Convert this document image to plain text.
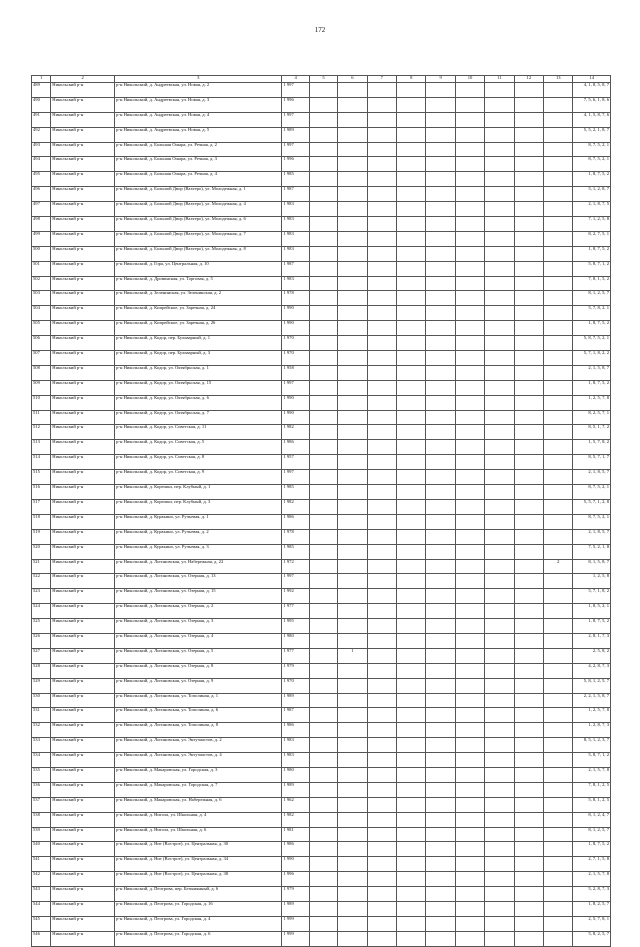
172
1	2	3	4	5	6	7	8	9	10	11	12	13	14
489	Никольский р-н	р-н Никольский, д. Андреевская, ул. Новая, д. 2	1 997										4, 1, 8, 5, 8, 7
490	Никольский р-н	р-н Никольский, д. Андреевская, ул. Новая, д. 3	1 996										7, 5, 6, 1, 8, 6
491	Никольский р-н	р-н Никольский, д. Андреевская, ул. Новая, д. 4	1 997										4, 1, 5, 8, 7, 6
492	Никольский р-н	р-н Никольский, д. Андреевская, ул. Новая, д. 5	1 989										5, 5, 2, 1, 8, 7
493	Никольский р-н	р-н Никольский, д. Большая Ошара, ул. Речная, д. 2	1 997										8, 7, 5, 2, 1
494	Никольский р-н	р-н Никольский, д. Большая Ошара, ул. Речная, д. 3	1 996										8, 7, 5, 2, 1
495	Никольский р-н	р-н Никольский, д. Большая Ошара, ул. Речная, д. 4	1 985										1, 8, 7, 5, 2
496	Никольский р-н	р-н Никольский, д. Большой Двор (Вахтеро), ул. Молодежная, д. 1	1 987										5, 1, 2, 8, 7
497	Никольский р-н	р-н Никольский, д. Большой Двор (Вахтеро), ул. Молодежная, д. 4	1 983										2, 1, 8, 7, 5
498	Никольский р-н	р-н Никольский, д. Большой Двор (Вахтеро), ул. Молодежная, д. 6	1 983										7, 1, 2, 5, 8
499	Никольский р-н	р-н Никольский, д. Большой Двор (Вахтеро), ул. Молодежная, д. 7	1 983										8, 2, 7, 5, 1
500	Никольский р-н	р-н Никольский, д. Большой Двор (Вахтеро), ул. Молодежная, д. 8	1 983										1, 8, 7, 5, 2
501	Никольский р-н	р-н Никольский, д. Гора, ул. Центральная, д. 10	1 987										5, 8, 7, 1, 2
502	Никольский р-н	р-н Никольский, д. Дровинская, ул. Торговая, д. 5	1 983										7, 8, 1, 5, 2
503	Никольский р-н	р-н Никольский, д. Зеленинская, ул. Зеленинская, д. 2	1 978										8, 1, 2, 5, 7
504	Никольский р-н	р-н Никольский, д. Кипрейское, ул. Заречная, д. 24	1 990										5, 7, 8, 2, 1
505	Никольский р-н	р-н Никольский, д. Кипрейское, ул. Заречная, д. 26	1 990										1, 8, 7, 5, 2
506	Никольский р-н	р-н Никольский, д. Кодор, пер. Бульварный, д. 1	1 970										5, 8, 7, 5, 2, 1
507	Никольский р-н	р-н Никольский, д. Кодор, пер. Бульварный, д. 3	1 970										5, 7, 1, 8, 2, 2
508	Никольский р-н	р-н Никольский, д. Кодор, ул. Октябрьская, д. 1	1 958										2, 1, 5, 8, 7
509	Никольский р-н	р-н Никольский, д. Кодор, ул. Октябрьская, д. 15	1 997										1, 8, 7, 5, 2
510	Никольский р-н	р-н Никольский, д. Кодор, ул. Октябрьская, д. 6	1 990										1, 2, 5, 7, 8
511	Никольский р-н	р-н Никольский, д. Кодор, ул. Октябрьская, д. 7	1 990										8, 2, 5, 7, 1
512	Никольский р-н	р-н Никольский, д. Кодор, ул. Советская, д. 11	1 982										8, 5, 1, 7, 2
513	Никольский р-н	р-н Никольский, д. Кодор, ул. Советская, д. 5	1 986										1, 5, 7, 8, 2
514	Никольский р-н	р-н Никольский, д. Кодор, ул. Советская, д. 8	1 957										8, 5, 7, 1, 7
515	Никольский р-н	р-н Никольский, д. Кодор, ул. Советская, д. 9	1 997										2, 1, 8, 5, 7
516	Никольский р-н	р-н Никольский, д. Корешки, пер. Клубный, д. 1	1 985										8, 7, 5, 2, 1
517	Никольский р-н	р-н Никольский, д. Корешки, пер. Клубный, д. 3	1 982										5, 5, 7, 1, 2, 8
518	Никольский р-н	р-н Никольский, д. Куракино, ул. Ручьевая, д. 1	1 986										8, 7, 5, 2, 1
519	Никольский р-н	р-н Никольский, д. Куракино, ул. Ручьевая, д. 2	1 978										2, 1, 8, 5, 7
520	Никольский р-н	р-н Никольский, д. Куракино, ул. Ручьевая, д. 3	1 985										7, 5, 2, 1, 8
521	Никольский р-н	р-н Никольский, д. Логиновская, ул. Набережная, д. 22	1 972									2	8, 1, 5, 8, 7
522	Никольский р-н	р-н Никольский, д. Логиновская, ул. Озерная, д. 13	1 997										1, 2, 5, 8
523	Никольский р-н	р-н Никольский, д. Логиновская, ул. Озерная, д. 15	1 992										5, 7, 1, 8, 2
524	Никольский р-н	р-н Никольский, д. Логиновская, ул. Озерная, д. 2	1 977										1, 8, 5, 2, 1
525	Никольский р-н	р-н Никольский, д. Логиновская, ул. Озерная, д. 3	1 995										1, 8, 7, 5, 2
526	Никольский р-н	р-н Никольский, д. Логиновская, ул. Озерная, д. 4	1 980										2, 8, 1, 7, 3
527	Никольский р-н	р-н Никольский, д. Логиновская, ул. Озерная, д. 5	1 977		1								2, 5, 8, 2
528	Никольский р-н	р-н Никольский, д. Логиновская, ул. Озерная, д. 8	1 979										4, 2, 8, 7, 3
529	Никольский р-н	р-н Никольский, д. Логиновская, ул. Озерная, д. 9	1 970										5, 8, 1, 2, 5, 7
530	Никольский р-н	р-н Никольский, д. Логиновская, ул. Тополиная, д. 1	1 989										2, 2, 1, 5, 8, 7
531	Никольский р-н	р-н Никольский, д. Логиновская, ул. Тополиная, д. 6	1 987										1, 2, 5, 7, 8
532	Никольский р-н	р-н Никольский, д. Логиновская, ул. Тополиная, д. 8	1 986										1, 2, 8, 7, 3
533	Никольский р-н	р-н Никольский, д. Логиновская, ул. Энтузиастов, д. 2	1 983										8, 5, 1, 2, 3, 7
534	Никольский р-н	р-н Никольский, д. Логиновская, ул. Энтузиастов, д. 4	1 983										5, 8, 7, 1, 2
535	Никольский р-н	р-н Никольский, д. Макаровская, ул. Городская, д. 3	1 980										2, 1, 5, 7, 8
536	Никольский р-н	р-н Никольский, д. Макаровская, ул. Городская, д. 7	1 989										7, 8, 1, 2, 5
537	Никольский р-н	р-н Никольский, д. Макаровская, ул. Набережная, д. 6	1 962										5, 8, 1, 2, 5
538	Никольский р-н	р-н Никольский, д. Нигола, ул. Школьная, д. 4	1 982										8, 1, 2, 4, 7
539	Никольский р-н	р-н Никольский, д. Нигола, ул. Школьная, д. 6	1 981										8, 1, 2, 5, 7
540	Никольский р-н	р-н Никольский, д. Нит (Вострое), ул. Центральная, д. 30	1 986										1, 8, 7, 5, 2
541	Никольский р-н	р-н Никольский, д. Нит (Вострое), ул. Центральная, д. 34	1 990										2, 7, 1, 5, 8
542	Никольский р-н	р-н Никольский, д. Нит (Вострое), ул. Центральная, д. 38	1 996										2, 1, 5, 7, 8
543	Никольский р-н	р-н Никольский, д. Пеотрова, пер. Безымянный, д. 6	1 979										5, 2, 8, 7, 3
544	Никольский р-н	р-н Никольский, д. Пеотрова, ул. Городская, д. 16	1 989										1, 8, 2, 5, 7
545	Никольский р-н	р-н Никольский, д. Пеотрова, ул. Городская, д. 4	1 999										2, 5, 7, 8, 1
546	Никольский р-н	р-н Никольский, д. Пеотрова, ул. Городская, д. 6	1 999										5, 8, 2, 5, 7
